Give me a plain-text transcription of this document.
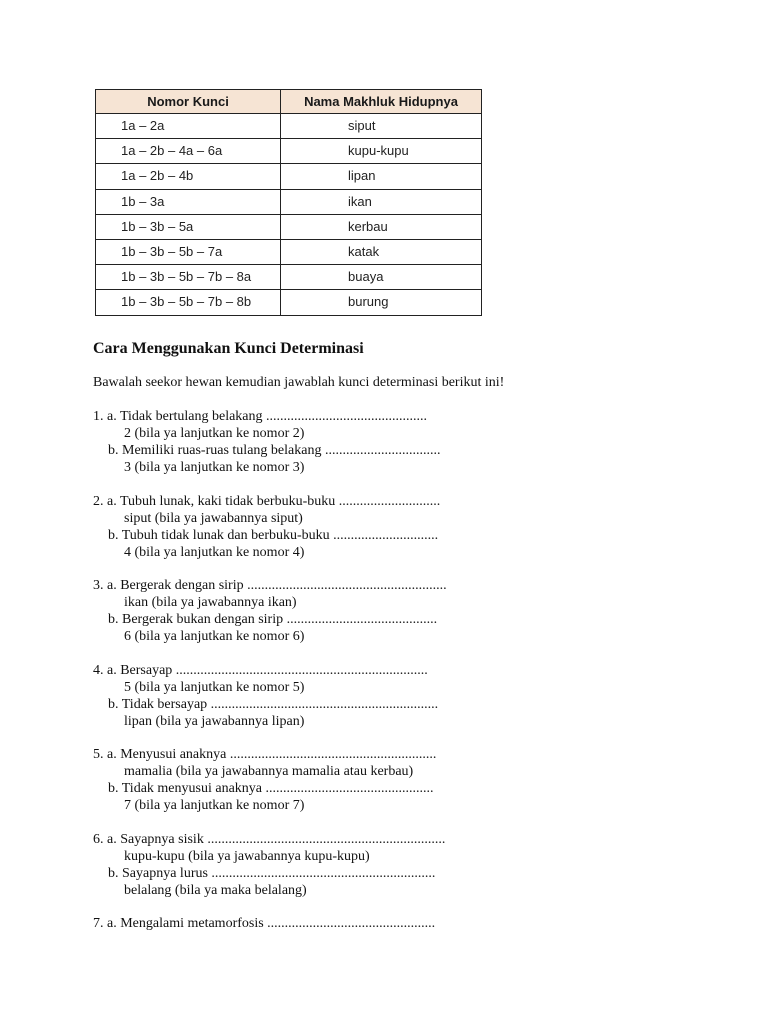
Nomor Kunci	Nama Makhluk Hidupnya
1a – 2a	siput
1a – 2b – 4a – 6a	kupu-kupu
1a – 2b – 4b	lipan
1b – 3a	ikan
1b – 3b – 5a	kerbau
1b – 3b – 5b – 7a	katak
1b – 3b – 5b – 7b – 8a	buaya
1b – 3b – 5b – 7b – 8b	burung
Cara Menggunakan Kunci Determinasi

Bawalah seekor hewan kemudian jawablah kunci determinasi berikut ini!

1. a. Tidak bertulang belakang ..............................................
2 (bila ya lanjutkan ke nomor 2)
b. Memiliki ruas-ruas tulang belakang .................................
3 (bila ya lanjutkan ke nomor 3)
2. a. Tubuh lunak, kaki tidak berbuku-buku .............................
siput (bila ya jawabannya siput)
b. Tubuh tidak lunak dan berbuku-buku ..............................
4 (bila ya lanjutkan ke nomor 4)
3. a. Bergerak dengan sirip .........................................................
ikan (bila ya jawabannya ikan)
b. Bergerak bukan dengan sirip ...........................................
6 (bila ya lanjutkan ke nomor 6)
4. a. Bersayap ........................................................................
5 (bila ya lanjutkan ke nomor 5)
b. Tidak bersayap .................................................................
lipan (bila ya jawabannya lipan)
5. a. Menyusui anaknya ...........................................................
mamalia (bila ya jawabannya mamalia atau kerbau)
b. Tidak menyusui anaknya ................................................
7 (bila ya lanjutkan ke nomor 7)
6. a. Sayapnya sisik ....................................................................
kupu-kupu (bila ya jawabannya kupu-kupu)
b. Sayapnya lurus ................................................................
belalang (bila ya maka belalang)
7. a. Mengalami metamorfosis ................................................
